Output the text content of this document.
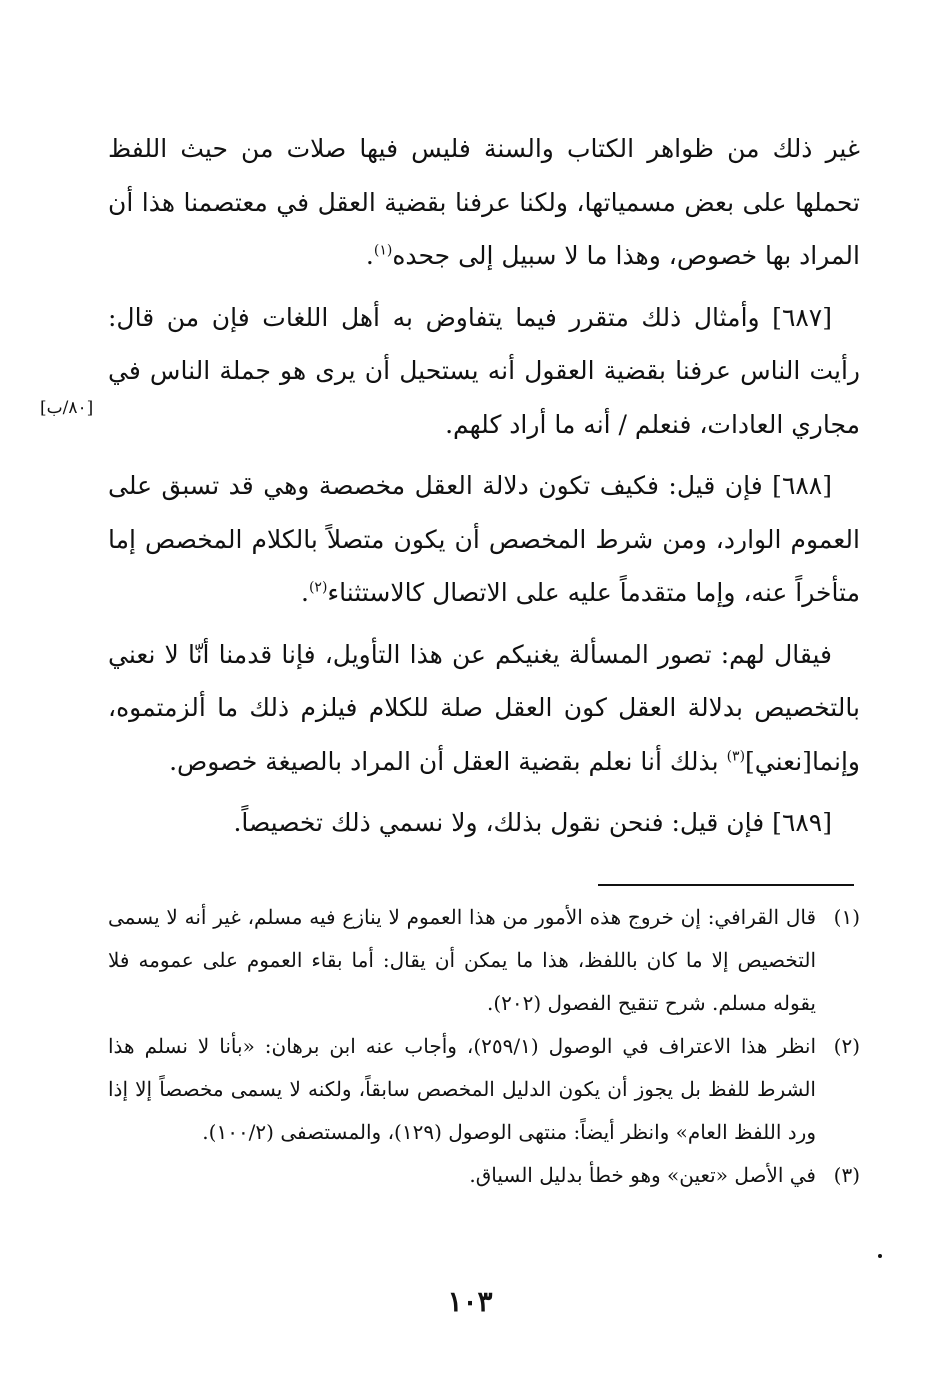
[٨٠/ب]

غير ذلك من ظواهر الكتاب والسنة فليس فيها صلات من حيث اللفظ تحملها على بعض مسمياتها، ولكنا عرفنا بقضية العقل في معتصمنا هذا أن المراد بها خصوص، وهذا ما لا سبيل إلى جحده$^{(١)}$.

[٦٨٧] وأمثال ذلك متقرر فيما يتفاوض به أهل اللغات فإن من قال: رأيت الناس عرفنا بقضية العقول أنه يستحيل أن يرى هو جملة الناس في مجاري العادات، فنعلم / أنه ما أراد كلهم.

[٦٨٨] فإن قيل: فكيف تكون دلالة العقل مخصصة وهي قد تسبق على العموم الوارد، ومن شرط المخصص أن يكون متصلاً بالكلام المخصص إما متأخراً عنه، وإما متقدماً عليه على الاتصال كالاستثناء$^{(٢)}$.

فيقال لهم: تصور المسألة يغنيكم عن هذا التأويل، فإنا قدمنا أنّا لا نعني بالتخصيص بدلالة العقل كون العقل صلة للكلام فيلزم ذلك ما ألزمتموه، وإنما[نعني]$^{(٣)}$ بذلك أنا نعلم بقضية العقل أن المراد بالصيغة خصوص.

[٦٨٩] فإن قيل: فنحن نقول بذلك، ولا نسمي ذلك تخصيصاً.

(١)
قال القرافي: إن خروج هذه الأمور من هذا العموم لا ينازع فيه مسلم، غير أنه لا يسمى التخصيص إلا ما كان باللفظ، هذا ما يمكن أن يقال: أما بقاء العموم على عمومه فلا يقوله مسلم. شرح تنقيح الفصول (٢٠٢).
(٢)
انظر هذا الاعتراف في الوصول (٢٥٩/١)، وأجاب عنه ابن برهان: «بأنا لا نسلم هذا الشرط للفظ بل يجوز أن يكون الدليل المخصص سابقاً، ولكنه لا يسمى مخصصاً إلا إذا ورد اللفظ العام» وانظر أيضاً: منتهى الوصول (١٢٩)، والمستصفى (١٠٠/٢).
(٣)
في الأصل «تعين» وهو خطأ بدليل السياق.
١٠٣
